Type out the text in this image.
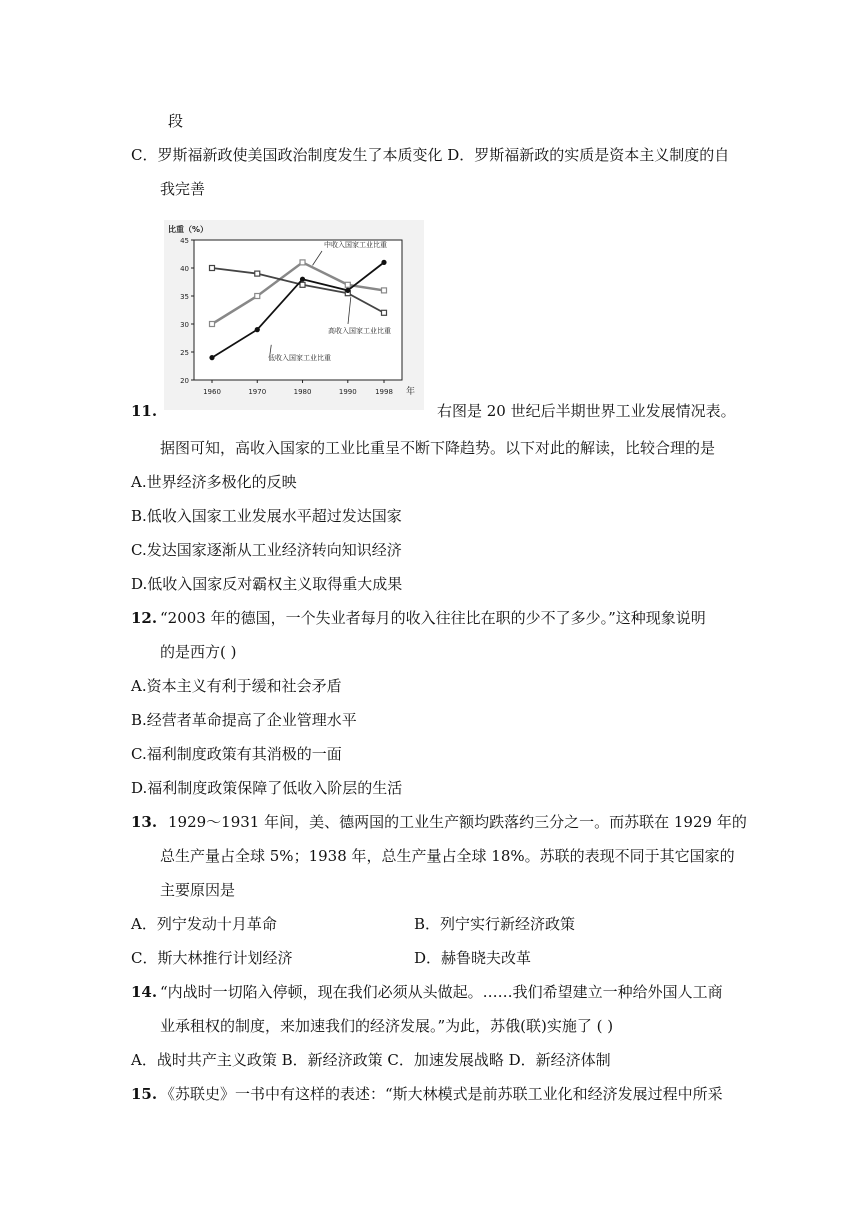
段
C．罗斯福新政使美国政治制度发生了本质变化 D．罗斯福新政的实质是资本主义制度的自
我完善
20
25
30
35
40
45
1960	1970	1980	1990	1998
比重（%）
年
中收入国家工业比重
高收入国家工业比重
低收入国家工业比重
11.	右图是 20 世纪后半期世界工业发展情况表。
据图可知，高收入国家的工业比重呈不断下降趋势。以下对此的解读，比较合理的是
A.世界经济多极化的反映
B.低收入国家工业发展水平超过发达国家
C.发达国家逐渐从工业经济转向知识经济
D.低收入国家反对霸权主义取得重大成果
12. “2003 年的德国，一个失业者每月的收入往往比在职的少不了多少。”这种现象说明
的是西方( )
A.资本主义有利于缓和社会矛盾
B.经营者革命提高了企业管理水平
C.福利制度政策有其消极的一面
D.福利制度政策保障了低收入阶层的生活
13. 1929～1931 年间，美、德两国的工业生产额均跌落约三分之一。而苏联在 1929 年的
总生产量占全球 5%；1938 年，总生产量占全球 18%。苏联的表现不同于其它国家的
主要原因是
A．列宁发动十月革命	B．列宁实行新经济政策
C．斯大林推行计划经济	D．赫鲁晓夫改革
14. “内战时一切陷入停顿，现在我们必须从头做起。……我们希望建立一种给外国人工商
业承租权的制度，来加速我们的经济发展。”为此，苏俄(联)实施了 ( )
A．战时共产主义政策 B．新经济政策 C．加速发展战略 D．新经济体制
15. 《苏联史》一书中有这样的表述：“斯大林模式是前苏联工业化和经济发展过程中所采
